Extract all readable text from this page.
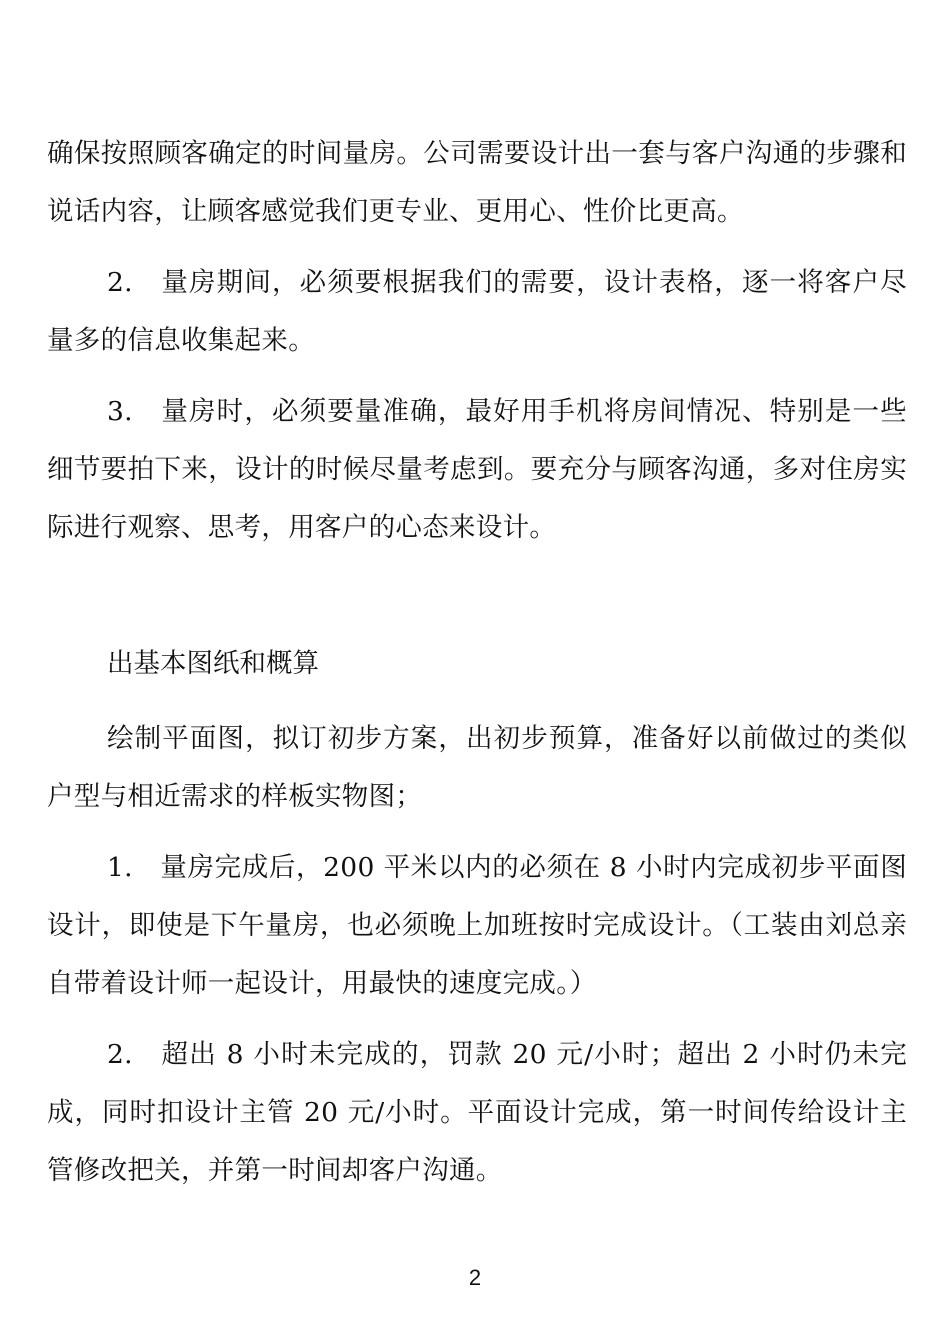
确保按照顾客确定的时间量房。公司需要设计出一套与客户沟通的步骤和说话内容，让顾客感觉我们更专业、更用心、性价比更高。

2.　量房期间，必须要根据我们的需要，设计表格，逐一将客户尽量多的信息收集起来。

3.　量房时，必须要量准确，最好用手机将房间情况、特别是一些细节要拍下来，设计的时候尽量考虑到。要充分与顾客沟通，多对住房实际进行观察、思考，用客户的心态来设计。

出基本图纸和概算

绘制平面图，拟订初步方案，出初步预算，准备好以前做过的类似户型与相近需求的样板实物图；

1.　量房完成后，200 平米以内的必须在 8 小时内完成初步平面图设计，即使是下午量房，也必须晚上加班按时完成设计。（工装由刘总亲自带着设计师一起设计，用最快的速度完成。）

2.　超出 8 小时未完成的，罚款 20 元/小时；超出 2 小时仍未完成，同时扣设计主管 20 元/小时。平面设计完成，第一时间传给设计主管修改把关，并第一时间却客户沟通。

2
